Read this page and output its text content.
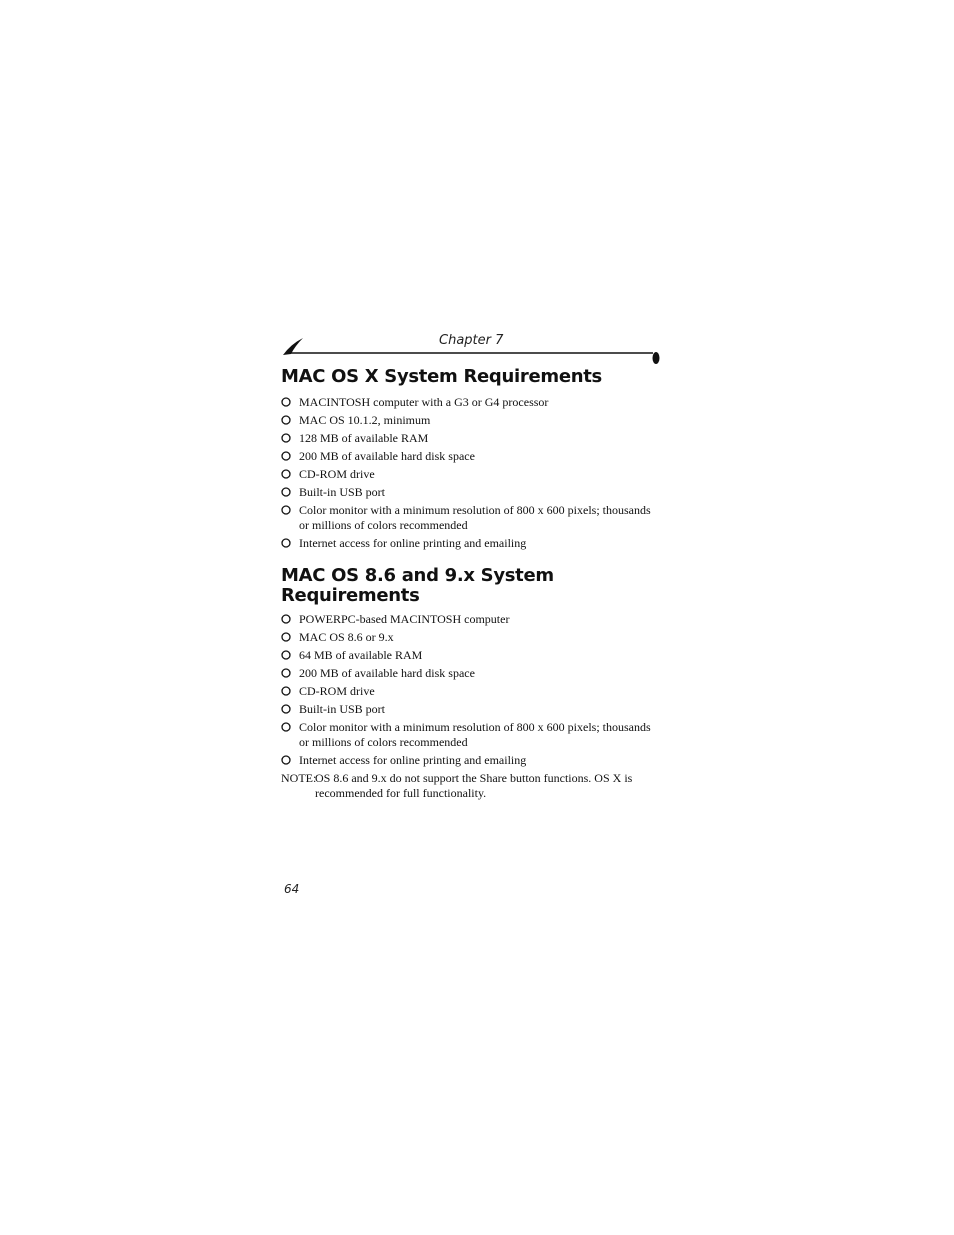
Chapter 7
MAC OS X System Requirements
MACINTOSH computer with a G3 or G4 processor
MAC OS 10.1.2, minimum
128 MB of available RAM
200 MB of available hard disk space
CD-ROM drive
Built-in USB port
Color monitor with a minimum resolution of 800 x 600 pixels; thousands or millions of colors recommended
Internet access for online printing and emailing
MAC OS 8.6 and 9.x System Requirements
POWERPC-based MACINTOSH computer
MAC OS 8.6 or 9.x
64 MB of available RAM
200 MB of available hard disk space
CD-ROM drive
Built-in USB port
Color monitor with a minimum resolution of 800 x 600 pixels; thousands or millions of colors recommended
Internet access for online printing and emailing
NOTE:
OS 8.6 and 9.x do not support the Share button functions. OS X is recommended for full functionality.
64
